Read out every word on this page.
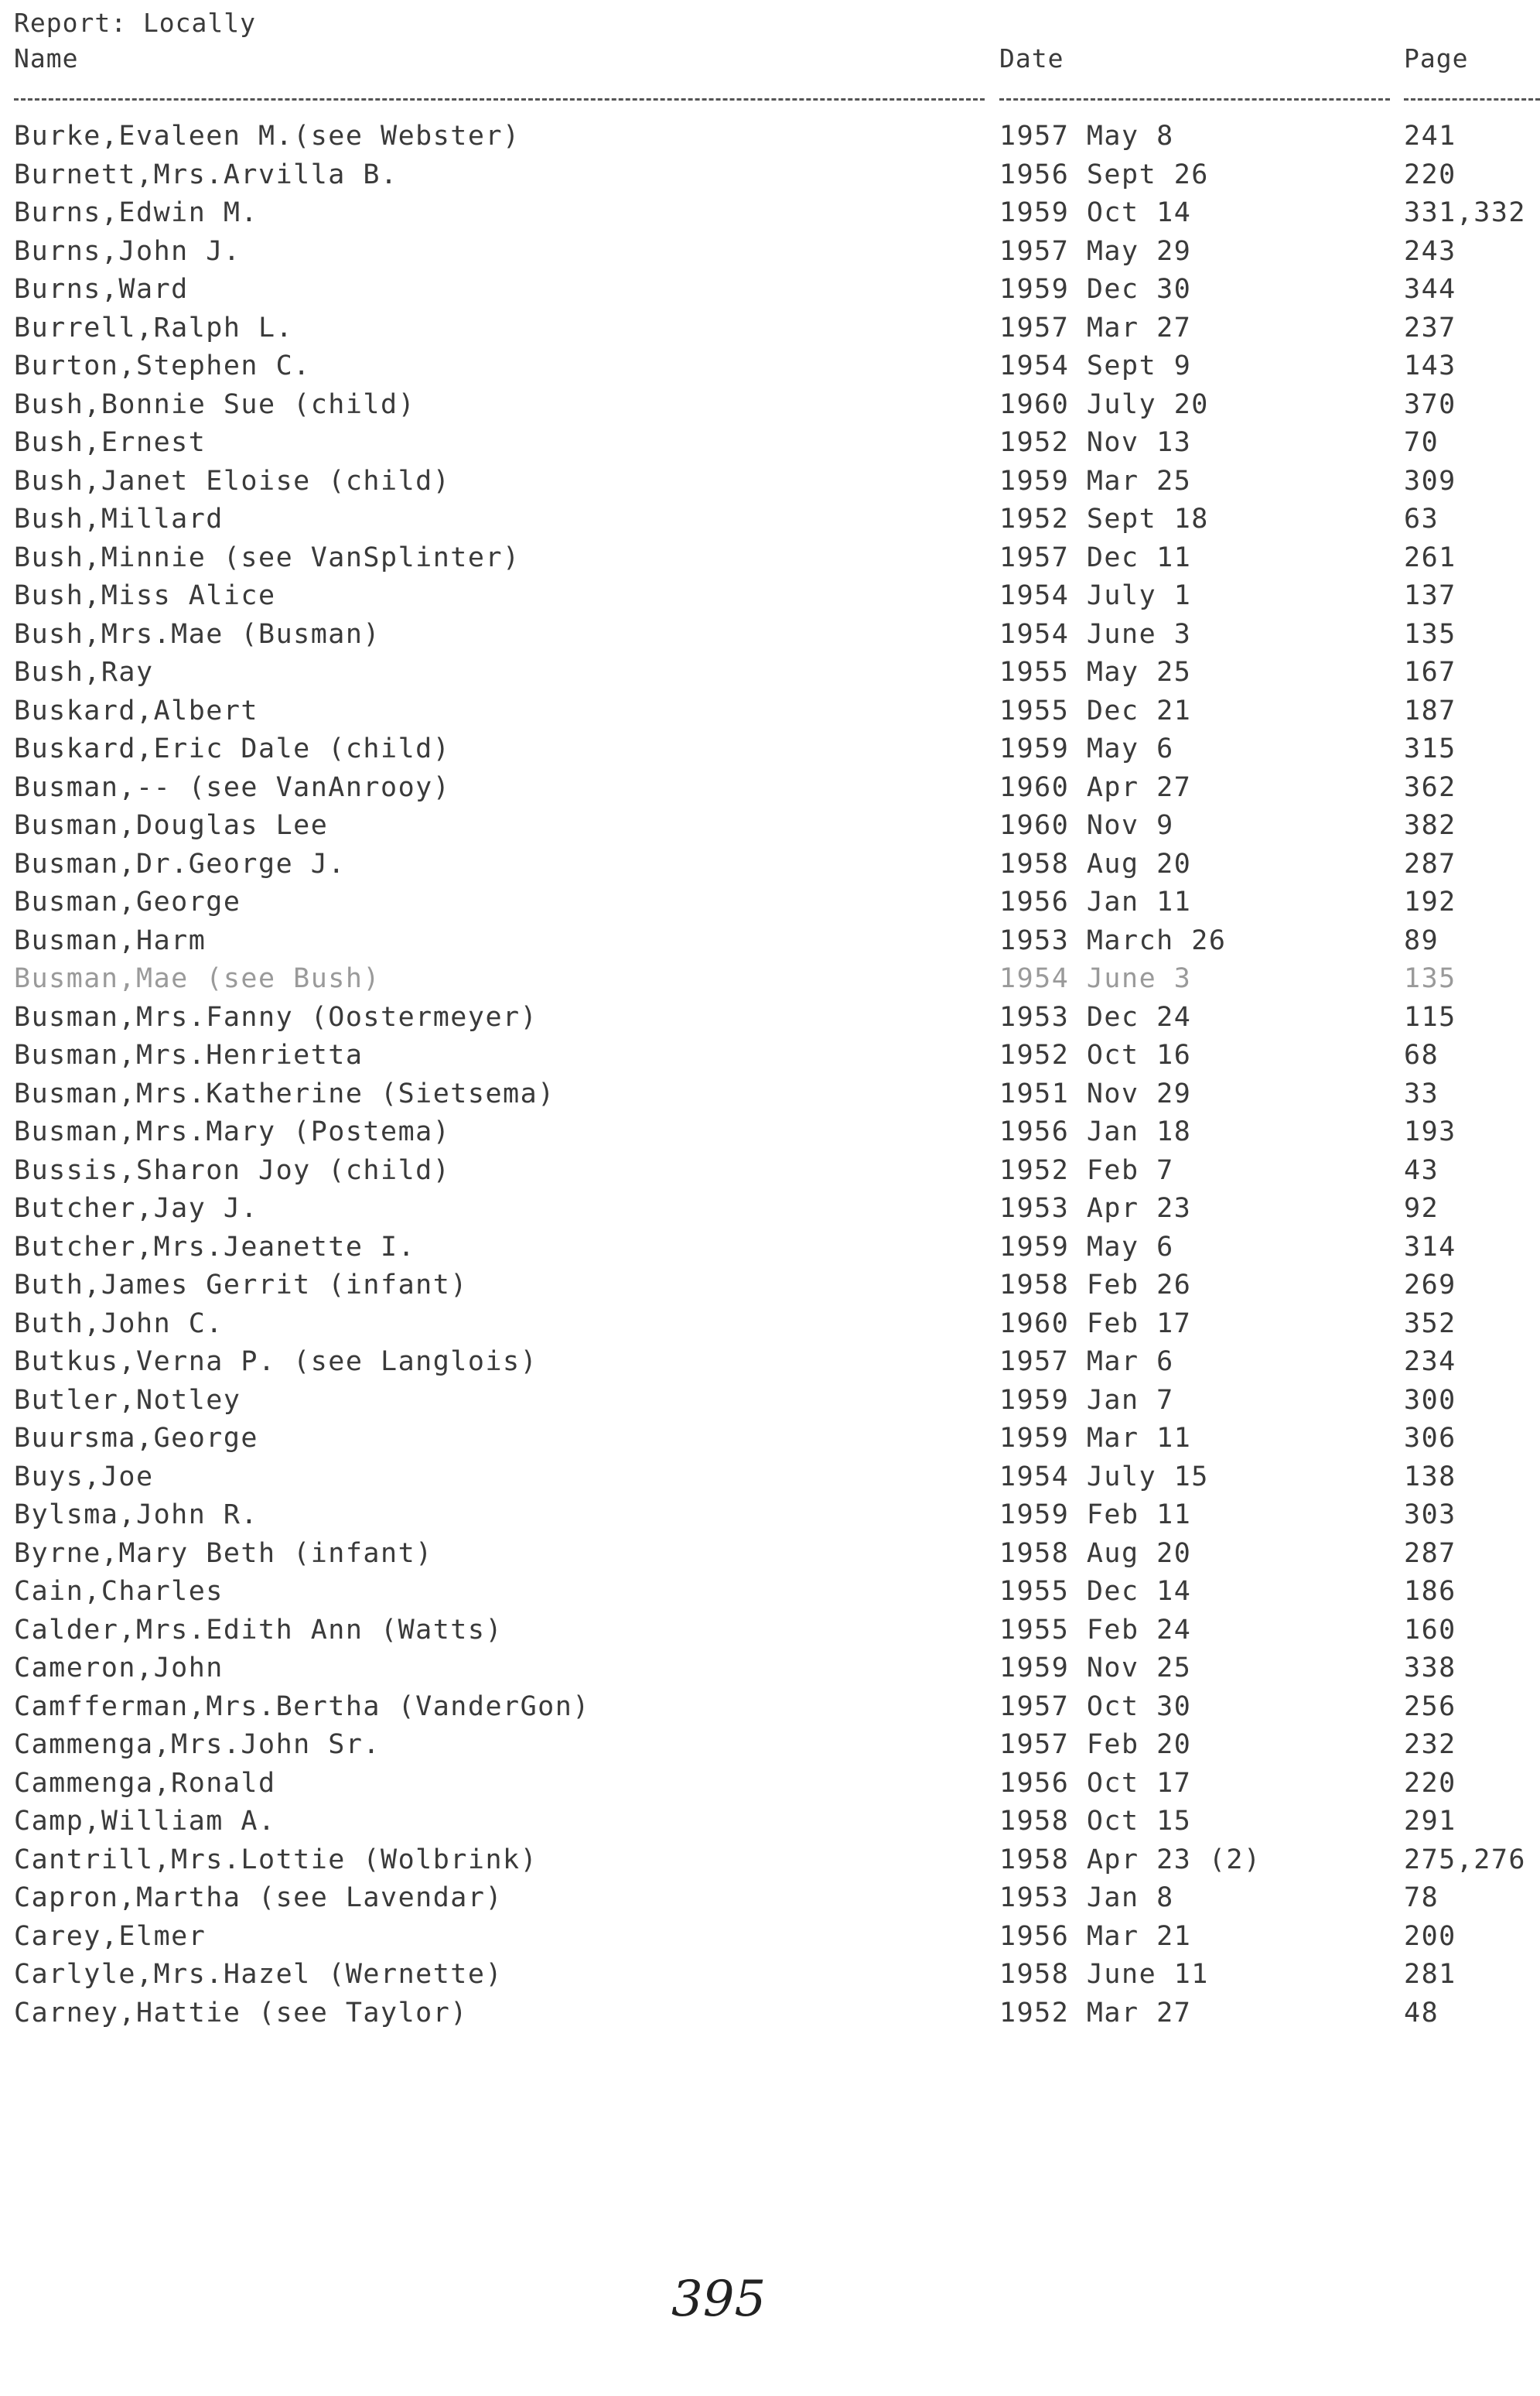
Report: Locally
Name	Date	Page
Burke,Evaleen M.(see Webster)	1957 May 8	241
Burnett,Mrs.Arvilla B.	1956 Sept 26	220
Burns,Edwin M.	1959 Oct 14	331,332
Burns,John J.	1957 May 29	243
Burns,Ward	1959 Dec 30	344
Burrell,Ralph L.	1957 Mar 27	237
Burton,Stephen C.	1954 Sept 9	143
Bush,Bonnie Sue (child)	1960 July 20	370
Bush,Ernest	1952 Nov 13	70
Bush,Janet Eloise (child)	1959 Mar 25	309
Bush,Millard	1952 Sept 18	63
Bush,Minnie (see VanSplinter)	1957 Dec 11	261
Bush,Miss Alice	1954 July 1	137
Bush,Mrs.Mae (Busman)	1954 June 3	135
Bush,Ray	1955 May 25	167
Buskard,Albert	1955 Dec 21	187
Buskard,Eric Dale (child)	1959 May 6	315
Busman,-- (see VanAnrooy)	1960 Apr 27	362
Busman,Douglas Lee	1960 Nov 9	382
Busman,Dr.George J.	1958 Aug 20	287
Busman,George	1956 Jan 11	192
Busman,Harm	1953 March 26	89
Busman,Mae (see Bush)	1954 June 3	135
Busman,Mrs.Fanny (Oostermeyer)	1953 Dec 24	115
Busman,Mrs.Henrietta	1952 Oct 16	68
Busman,Mrs.Katherine (Sietsema)	1951 Nov 29	33
Busman,Mrs.Mary (Postema)	1956 Jan 18	193
Bussis,Sharon Joy (child)	1952 Feb 7	43
Butcher,Jay J.	1953 Apr 23	92
Butcher,Mrs.Jeanette I.	1959 May 6	314
Buth,James Gerrit (infant)	1958 Feb 26	269
Buth,John C.	1960 Feb 17	352
Butkus,Verna P. (see Langlois)	1957 Mar 6	234
Butler,Notley	1959 Jan 7	300
Buursma,George	1959 Mar 11	306
Buys,Joe	1954 July 15	138
Bylsma,John R.	1959 Feb 11	303
Byrne,Mary Beth (infant)	1958 Aug 20	287
Cain,Charles	1955 Dec 14	186
Calder,Mrs.Edith Ann (Watts)	1955 Feb 24	160
Cameron,John	1959 Nov 25	338
Camfferman,Mrs.Bertha (VanderGon)	1957 Oct 30	256
Cammenga,Mrs.John Sr.	1957 Feb 20	232
Cammenga,Ronald	1956 Oct 17	220
Camp,William A.	1958 Oct 15	291
Cantrill,Mrs.Lottie (Wolbrink)	1958 Apr 23 (2)	275,276
Capron,Martha (see Lavendar)	1953 Jan 8	78
Carey,Elmer	1956 Mar 21	200
Carlyle,Mrs.Hazel (Wernette)	1958 June 11	281
Carney,Hattie (see Taylor)	1952 Mar 27	48
395
